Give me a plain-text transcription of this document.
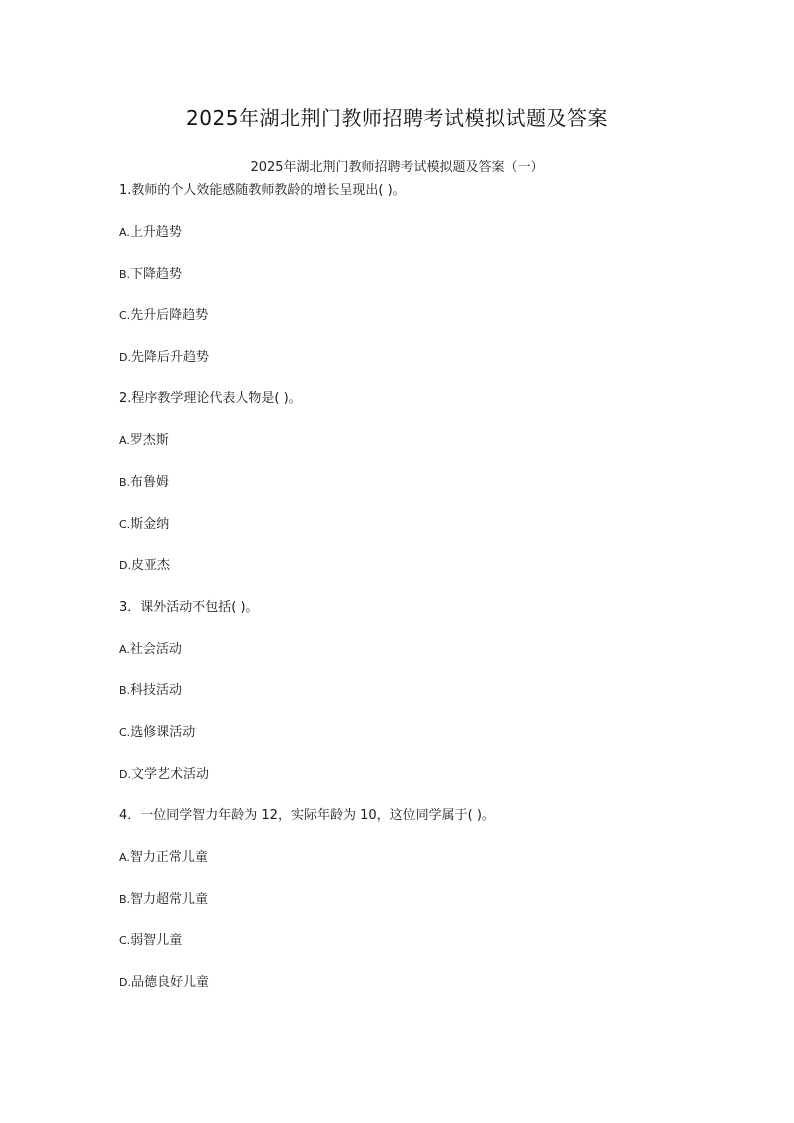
2025年湖北荆门教师招聘考试模拟试题及答案
2025年湖北荆门教师招聘考试模拟题及答案（一）
1.教师的个人效能感随教师教龄的增长呈现出( )。
A.上升趋势
B.下降趋势
C.先升后降趋势
D.先降后升趋势
2.程序教学理论代表人物是( )。
A.罗杰斯
B.布鲁姆
C.斯金纳
D.皮亚杰
3．课外活动不包括( )。
A.社会活动
B.科技活动
C.选修课活动
D.文学艺术活动
4．一位同学智力年龄为 12，实际年龄为 10，这位同学属于( )。
A.智力正常儿童
B.智力超常儿童
C.弱智儿童
D.品德良好儿童
